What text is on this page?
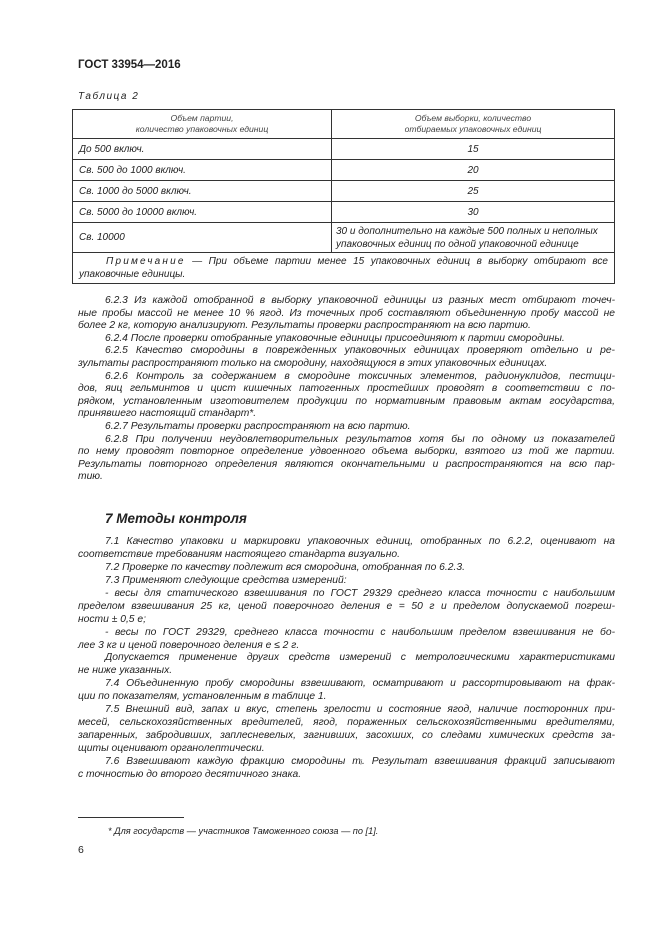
ГОСТ 33954—2016
Таблица 2
Объем партии,
количество упаковочных единиц	Объем выборки, количество
отбираемых упаковочных единиц
До 500 включ.	15
Св. 500 до 1000 включ.	20
Св. 1000 до 5000 включ.	25
Св. 5000 до 10000 включ.	30
Св. 10000	30 и дополнительно на каждые 500 полных и неполных упаковочных единиц по одной упаковочной единице
Примечание — При объеме партии менее 15 упаковочных единиц в выборку отбирают все упаковочные единицы.	
6.2.3 Из каждой отобранной в выборку упаковочной единицы из разных мест отбирают точеч-
ные пробы массой не менее 10 % ягод. Из точечных проб составляют объединенную пробу массой не
более 2 кг, которую анализируют. Результаты проверки распространяют на всю партию.
6.2.4 После проверки отобранные упаковочные единицы присоединяют к партии смородины.
6.2.5 Качество смородины в поврежденных упаковочных единицах проверяют отдельно и ре-
зультаты распространяют только на смородину, находящуюся в этих упаковочных единицах.
6.2.6 Контроль за содержанием в смородине токсичных элементов, радионуклидов, пестици-
дов, яиц гельминтов и цист кишечных патогенных простейших проводят в соответствии с по-
рядком, установленным изготовителем продукции по нормативным правовым актам государства,
принявшего настоящий стандарт*.
6.2.7 Результаты проверки распространяют на всю партию.
6.2.8 При получении неудовлетворительных результатов хотя бы по одному из показателей
по нему проводят повторное определение удвоенного объема выборки, взятого из той же партии.
Результаты повторного определения являются окончательными и распространяются на всю пар-
тию.
7 Методы контроля
7.1 Качество упаковки и маркировки упаковочных единиц, отобранных по 6.2.2, оценивают на
соответствие требованиям настоящего стандарта визуально.
7.2 Проверке по качеству подлежит вся смородина, отобранная по 6.2.3.
7.3 Применяют следующие средства измерений:
- весы для статического взвешивания по ГОСТ 29329 среднего класса точности с наибольшим
пределом взвешивания 25 кг, ценой поверочного деления e = 50 г и пределом допускаемой погреш-
ности ± 0,5 e;
- весы по ГОСТ 29329, среднего класса точности с наибольшим пределом взвешивания не бо-
лее 3 кг и ценой поверочного деления e ≤ 2 г.
Допускается применение других средств измерений с метрологическими характеристиками
не ниже указанных.
7.4 Объединенную пробу смородины взвешивают, осматривают и рассортировывают на фрак-
ции по показателям, установленным в таблице 1.
7.5 Внешний вид, запах и вкус, степень зрелости и состояние ягод, наличие посторонних при-
месей, сельскохозяйственных вредителей, ягод, пораженных сельскохозяйственными вредителями,
запаренных, забродивших, заплесневелых, загнивших, засохших, со следами химических средств за-
щиты оценивают органолептически.
7.6 Взвешивают каждую фракцию смородины mᵢ. Результат взвешивания фракций записывают
с точностью до второго десятичного знака.
* Для государств — участников Таможенного союза — по [1].
6
